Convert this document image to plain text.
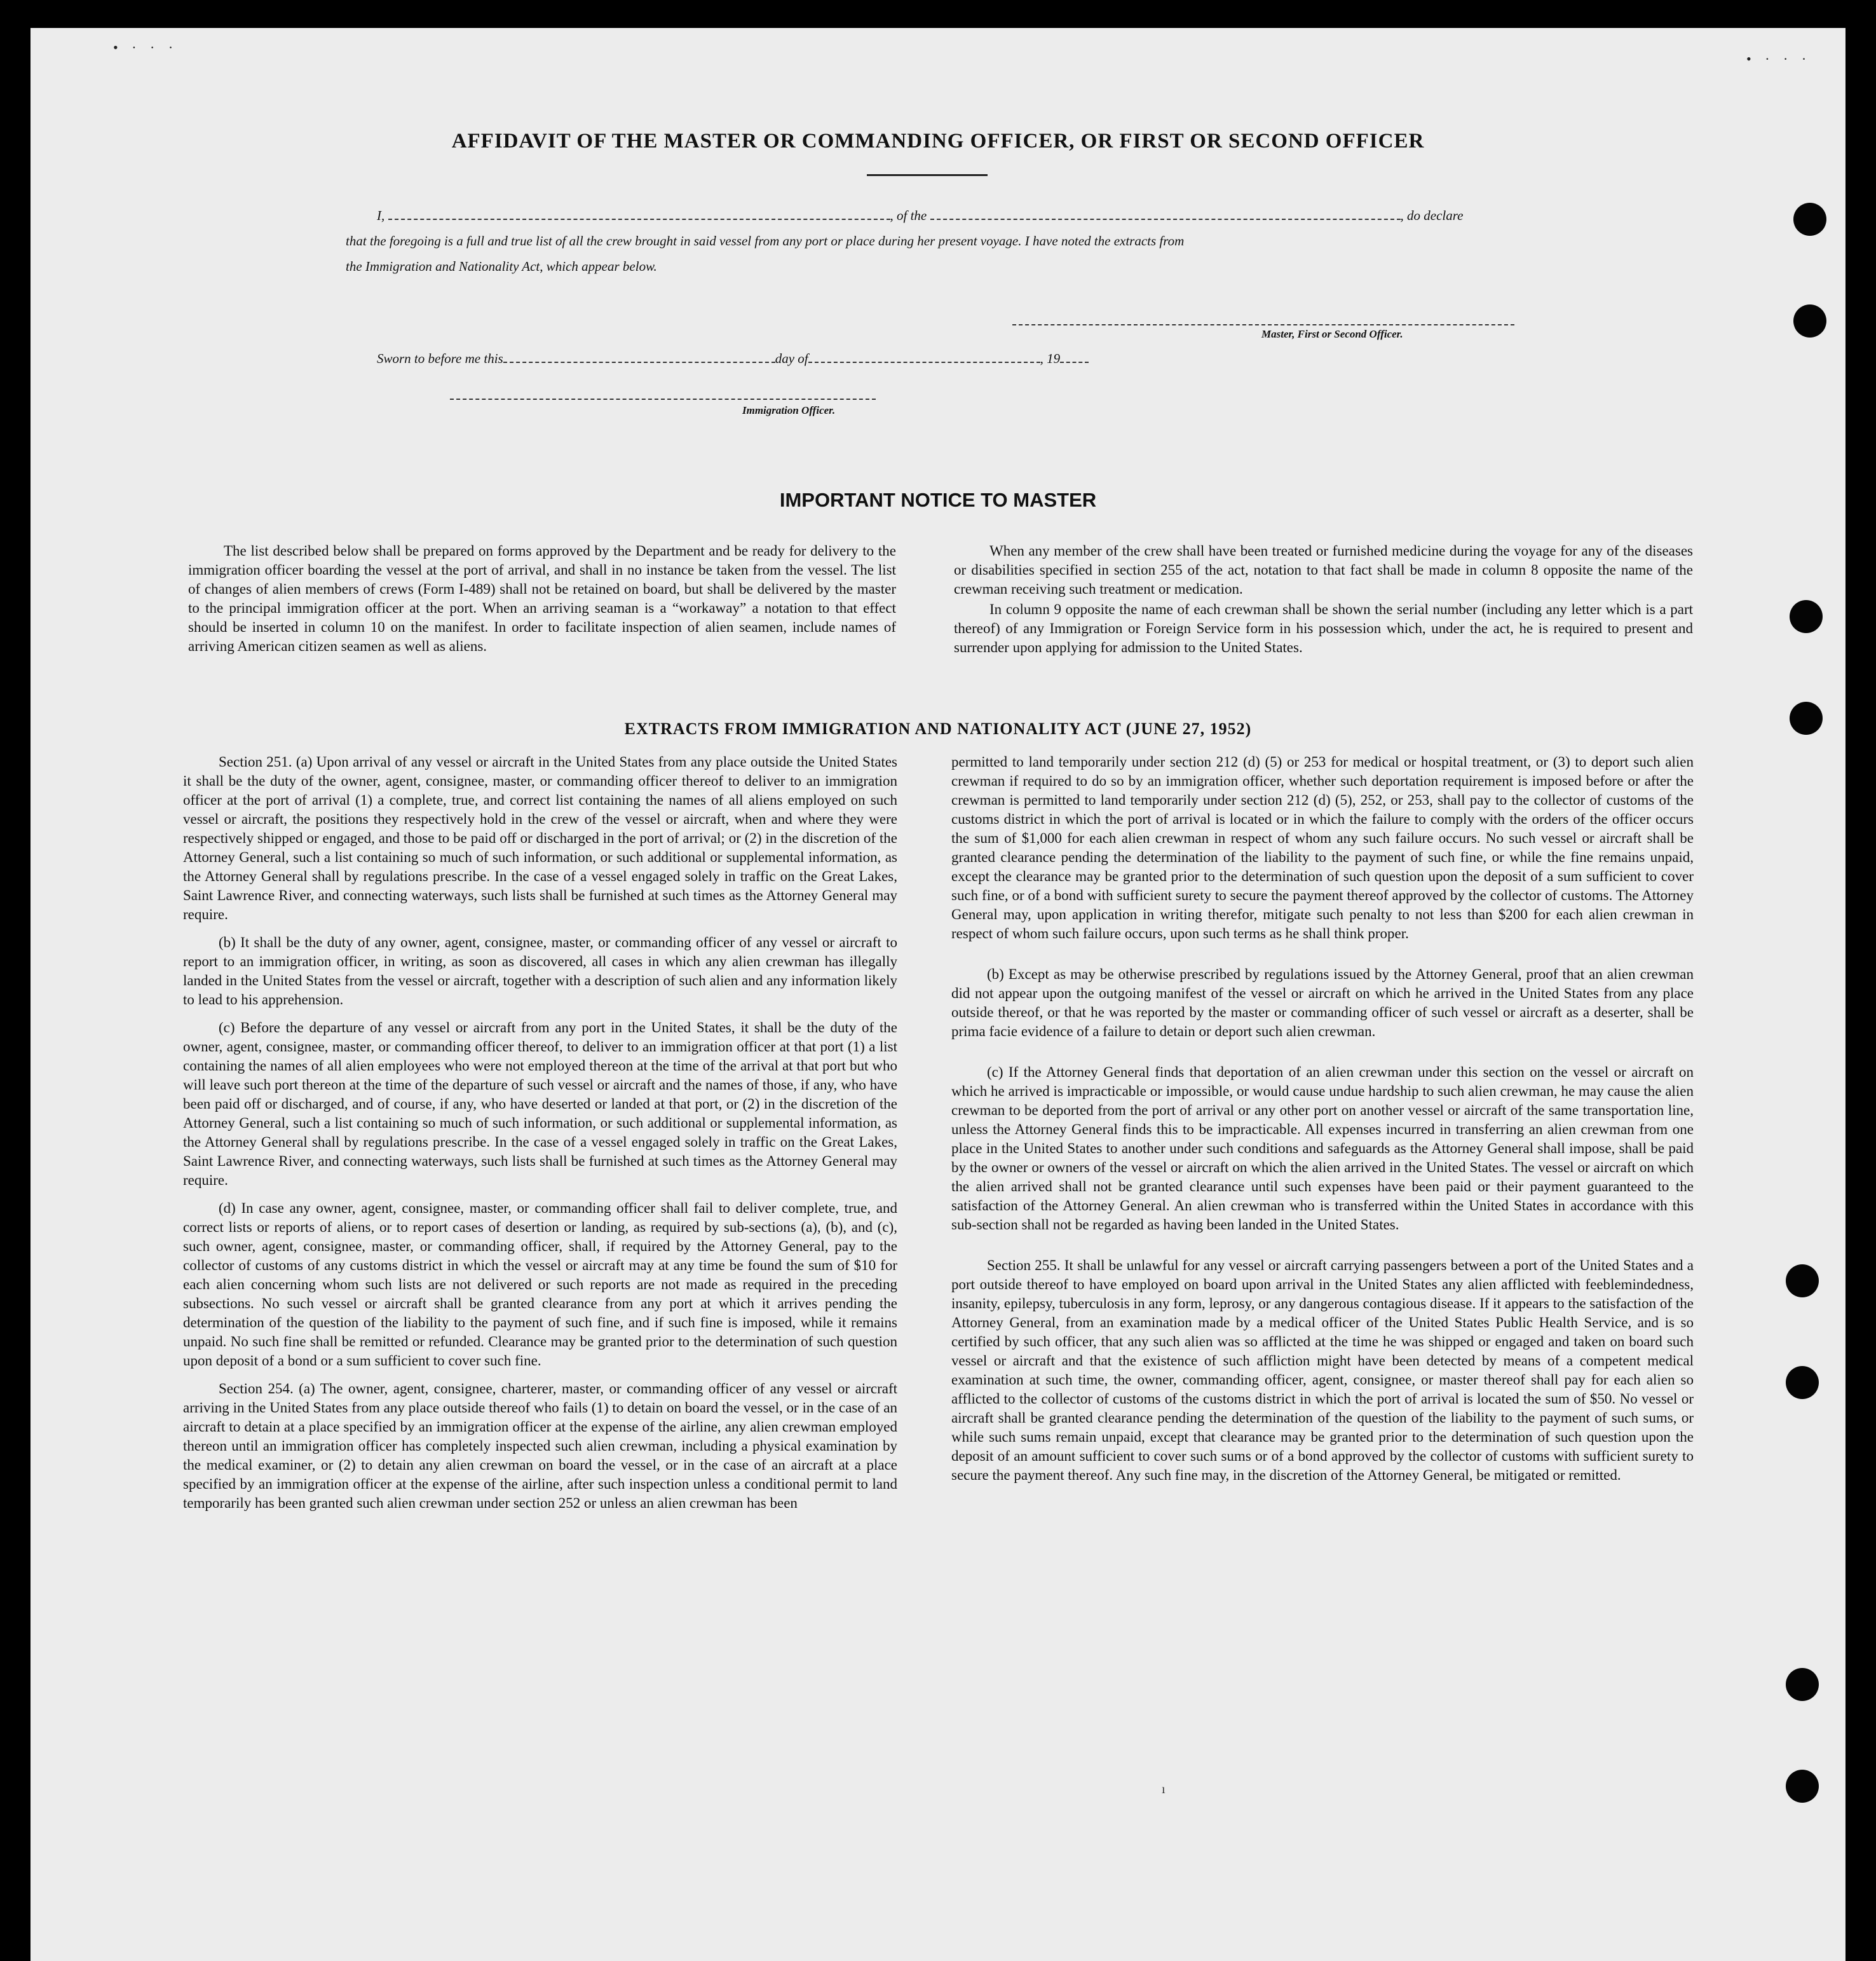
• · · ·
• · · ·
AFFIDAVIT OF THE MASTER OR COMMANDING OFFICER, OR FIRST OR SECOND OFFICER
I,	, of the	, do declare
that the foregoing is a full and true list of all the crew brought in said vessel from any port or place during her present voyage. I have noted the extracts from
the Immigration and Nationality Act, which appear below.
Master, First or Second Officer.
Sworn to before me this	day of	, 19
Immigration Officer.
IMPORTANT NOTICE TO MASTER

The list described below shall be prepared on forms approved by the Department and be ready for delivery to the immigration officer boarding the vessel at the port of arrival, and shall in no instance be taken from the vessel. The list of changes of alien members of crews (Form I-489) shall not be retained on board, but shall be delivered by the master to the principal immigration officer at the port. When an arriving seaman is a “workaway” a notation to that effect should be inserted in column 10 on the manifest. In order to facilitate inspection of alien seamen, include names of arriving American citizen seamen as well as aliens.

When any member of the crew shall have been treated or furnished medicine during the voyage for any of the diseases or disabilities specified in section 255 of the act, notation to that fact shall be made in column 8 opposite the name of the crewman receiving such treatment or medication.

In column 9 opposite the name of each crewman shall be shown the serial number (including any letter which is a part thereof) of any Immigration or Foreign Service form in his possession which, under the act, he is required to present and surrender upon applying for admission to the United States.

EXTRACTS FROM IMMIGRATION AND NATIONALITY ACT (JUNE 27, 1952)

Section 251. (a) Upon arrival of any vessel or aircraft in the United States from any place outside the United States it shall be the duty of the owner, agent, consignee, master, or commanding officer thereof to deliver to an immigration officer at the port of arrival (1) a complete, true, and correct list containing the names of all aliens employed on such vessel or aircraft, the positions they respectively hold in the crew of the vessel or aircraft, when and where they were respectively shipped or engaged, and those to be paid off or discharged in the port of arrival; or (2) in the discretion of the Attorney General, such a list containing so much of such information, or such additional or supplemental information, as the Attorney General shall by regulations prescribe. In the case of a vessel engaged solely in traffic on the Great Lakes, Saint Lawrence River, and connecting waterways, such lists shall be furnished at such times as the Attorney General may require.

(b) It shall be the duty of any owner, agent, consignee, master, or commanding officer of any vessel or aircraft to report to an immigration officer, in writing, as soon as discovered, all cases in which any alien crewman has illegally landed in the United States from the vessel or aircraft, together with a description of such alien and any information likely to lead to his apprehension.

(c) Before the departure of any vessel or aircraft from any port in the United States, it shall be the duty of the owner, agent, consignee, master, or commanding officer thereof, to deliver to an immigration officer at that port (1) a list containing the names of all alien employees who were not employed thereon at the time of the arrival at that port but who will leave such port thereon at the time of the departure of such vessel or aircraft and the names of those, if any, who have been paid off or discharged, and of course, if any, who have deserted or landed at that port, or (2) in the discretion of the Attorney General, such a list containing so much of such information, or such additional or supplemental information, as the Attorney General shall by regulations prescribe. In the case of a vessel engaged solely in traffic on the Great Lakes, Saint Lawrence River, and connecting waterways, such lists shall be furnished at such times as the Attorney General may require.

(d) In case any owner, agent, consignee, master, or commanding officer shall fail to deliver complete, true, and correct lists or reports of aliens, or to report cases of desertion or landing, as required by sub-sections (a), (b), and (c), such owner, agent, consignee, master, or commanding officer, shall, if required by the Attorney General, pay to the collector of customs of any customs district in which the vessel or aircraft may at any time be found the sum of $10 for each alien concerning whom such lists are not delivered or such reports are not made as required in the preceding subsections. No such vessel or aircraft shall be granted clearance from any port at which it arrives pending the determination of the question of the liability to the payment of such fine, and if such fine is imposed, while it remains unpaid. No such fine shall be remitted or refunded. Clearance may be granted prior to the determination of such question upon deposit of a bond or a sum sufficient to cover such fine.

Section 254. (a) The owner, agent, consignee, charterer, master, or commanding officer of any vessel or aircraft arriving in the United States from any place outside thereof who fails (1) to detain on board the vessel, or in the case of an aircraft to detain at a place specified by an immigration officer at the expense of the airline, any alien crewman employed thereon until an immigration officer has completely inspected such alien crewman, including a physical examination by the medical examiner, or (2) to detain any alien crewman on board the vessel, or in the case of an aircraft at a place specified by an immigration officer at the expense of the airline, after such inspection unless a conditional permit to land temporarily has been granted such alien crewman under section 252 or unless an alien crewman has been

permitted to land temporarily under section 212 (d) (5) or 253 for medical or hospital treatment, or (3) to deport such alien crewman if required to do so by an immigration officer, whether such deportation requirement is imposed before or after the crewman is permitted to land temporarily under section 212 (d) (5), 252, or 253, shall pay to the collector of customs of the customs district in which the port of arrival is located or in which the failure to comply with the orders of the officer occurs the sum of $1,000 for each alien crewman in respect of whom any such failure occurs. No such vessel or aircraft shall be granted clearance pending the determination of the liability to the payment of such fine, or while the fine remains unpaid, except the clearance may be granted prior to the determination of such question upon the deposit of a sum sufficient to cover such fine, or of a bond with sufficient surety to secure the payment thereof approved by the collector of customs. The Attorney General may, upon application in writing therefor, mitigate such penalty to not less than $200 for each alien crewman in respect of whom such failure occurs, upon such terms as he shall think proper.

(b) Except as may be otherwise prescribed by regulations issued by the Attorney General, proof that an alien crewman did not appear upon the outgoing manifest of the vessel or aircraft on which he arrived in the United States from any place outside thereof, or that he was reported by the master or commanding officer of such vessel or aircraft as a deserter, shall be prima facie evidence of a failure to detain or deport such alien crewman.

(c) If the Attorney General finds that deportation of an alien crewman under this section on the vessel or aircraft on which he arrived is impracticable or impossible, or would cause undue hardship to such alien crewman, he may cause the alien crewman to be deported from the port of arrival or any other port on another vessel or aircraft of the same transportation line, unless the Attorney General finds this to be impracticable. All expenses incurred in transferring an alien crewman from one place in the United States to another under such conditions and safeguards as the Attorney General shall impose, shall be paid by the owner or owners of the vessel or aircraft on which the alien arrived in the United States. The vessel or aircraft on which the alien arrived shall not be granted clearance until such expenses have been paid or their payment guaranteed to the satisfaction of the Attorney General. An alien crewman who is transferred within the United States in accordance with this sub-section shall not be regarded as having been landed in the United States.

Section 255. It shall be unlawful for any vessel or aircraft carrying passengers between a port of the United States and a port outside thereof to have employed on board upon arrival in the United States any alien afflicted with feeblemindedness, insanity, epilepsy, tuberculosis in any form, leprosy, or any dangerous contagious disease. If it appears to the satisfaction of the Attorney General, from an examination made by a medical officer of the United States Public Health Service, and is so certified by such officer, that any such alien was so afflicted at the time he was shipped or engaged and taken on board such vessel or aircraft and that the existence of such affliction might have been detected by means of a competent medical examination at such time, the owner, commanding officer, agent, consignee, or master thereof shall pay for each alien so afflicted to the collector of customs of the customs district in which the port of arrival is located the sum of $50. No vessel or aircraft shall be granted clearance pending the determination of the question of the liability to the payment of such sums, or while such sums remain unpaid, except that clearance may be granted prior to the determination of such question upon the deposit of an amount sufficient to cover such sums or of a bond approved by the collector of customs with sufficient surety to secure the payment thereof. Any such fine may, in the discretion of the Attorney General, be mitigated or remitted.

ı
